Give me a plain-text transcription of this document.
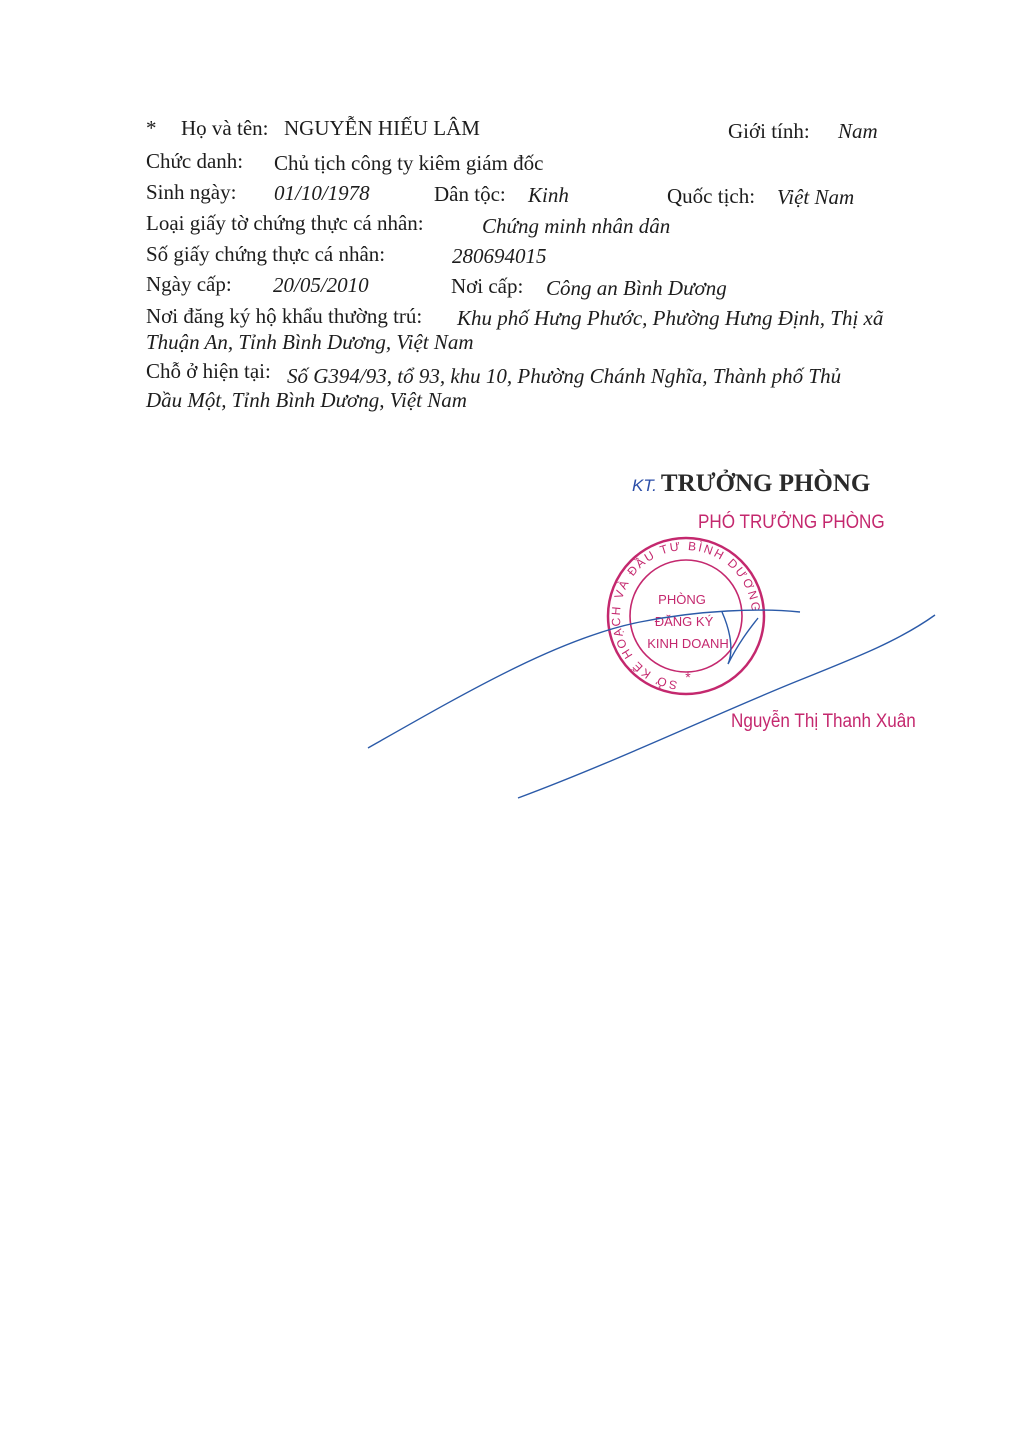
* Họ và tên: NGUYỄN HIẾU LÂM	Giới tính: Nam
Chức danh: Chủ tịch công ty kiêm giám đốc
Sinh ngày: 01/10/1978	Dân tộc: Kinh	Quốc tịch: Việt Nam
Loại giấy tờ chứng thực cá nhân:	Chứng minh nhân dân
Số giấy chứng thực cá nhân:	280694015
Ngày cấp: 20/05/2010	Nơi cấp: Công an Bình Dương
Nơi đăng ký hộ khẩu thường trú: Khu phố Hưng Phước, Phường Hưng Định, Thị xã
Thuận An, Tỉnh Bình Dương, Việt Nam
Chỗ ở hiện tại: Số G394/93, tổ 93, khu 10, Phường Chánh Nghĩa, Thành phố Thủ
Dầu Một, Tỉnh Bình Dương, Việt Nam
KT. TRƯỞNG PHÒNG
PHÓ TRƯỞNG PHÒNG
SỞ KẾ HOẠCH VÀ ĐẦU TƯ BÌNH DƯƠNG
PHÒNG
ĐĂNG KÝ
KINH DOANH
*
Nguyễn Thị Thanh Xuân
